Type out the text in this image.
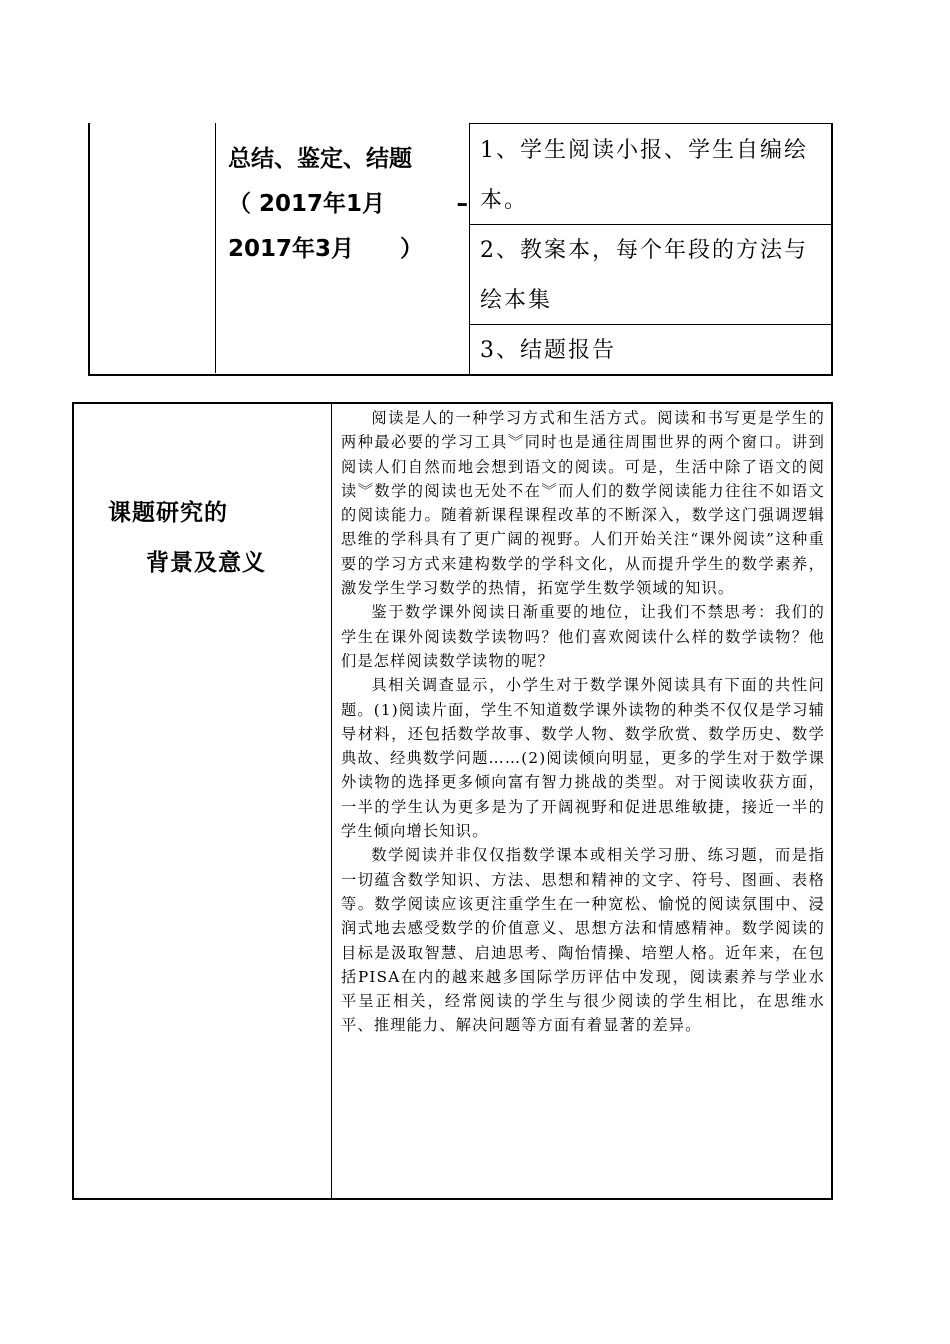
总结、鉴定、结题
（ 2017年1月	–
2017年3月　　）
1、学生阅读小报、学生自编绘本。
2、教案本，每个年段的方法与绘本集
3、结题报告
课题研究的
背景及意义

阅读是人的一种学习方式和生活方式。阅读和书写更是学生的两种最必要的学习工具︾同时也是通往周围世界的两个窗口。讲到阅读人们自然而地会想到语文的阅读。可是，生活中除了语文的阅读︾数学的阅读也无处不在︾而人们的数学阅读能力往往不如语文的阅读能力。随着新课程课程改革的不断深入，数学这门强调逻辑思维的学科具有了更广阔的视野。人们开始关注“课外阅读”这种重要的学习方式来建构数学的学科文化，从而提升学生的数学素养，激发学生学习数学的热情，拓宽学生数学领域的知识。

鉴于数学课外阅读日渐重要的地位，让我们不禁思考：我们的学生在课外阅读数学读物吗？他们喜欢阅读什么样的数学读物？他们是怎样阅读数学读物的呢？

具相关调查显示，小学生对于数学课外阅读具有下面的共性问题。(1)阅读片面，学生不知道数学课外读物的种类不仅仅是学习辅导材料，还包括数学故事、数学人物、数学欣赏、数学历史、数学典故、经典数学问题……(2)阅读倾向明显，更多的学生对于数学课外读物的选择更多倾向富有智力挑战的类型。对于阅读收获方面，一半的学生认为更多是为了开阔视野和促进思维敏捷，接近一半的学生倾向增长知识。

数学阅读并非仅仅指数学课本或相关学习册、练习题，而是指一切蕴含数学知识、方法、思想和精神的文字、符号、图画、表格等。数学阅读应该更注重学生在一种宽松、愉悦的阅读氛围中、浸润式地去感受数学的价值意义、思想方法和情感精神。数学阅读的目标是汲取智慧、启迪思考、陶怡情操、培塑人格。近年来，在包括PISA在内的越来越多国际学历评估中发现，阅读素养与学业水平呈正相关，经常阅读的学生与很少阅读的学生相比，在思维水平、推理能力、解决问题等方面有着显著的差异。
